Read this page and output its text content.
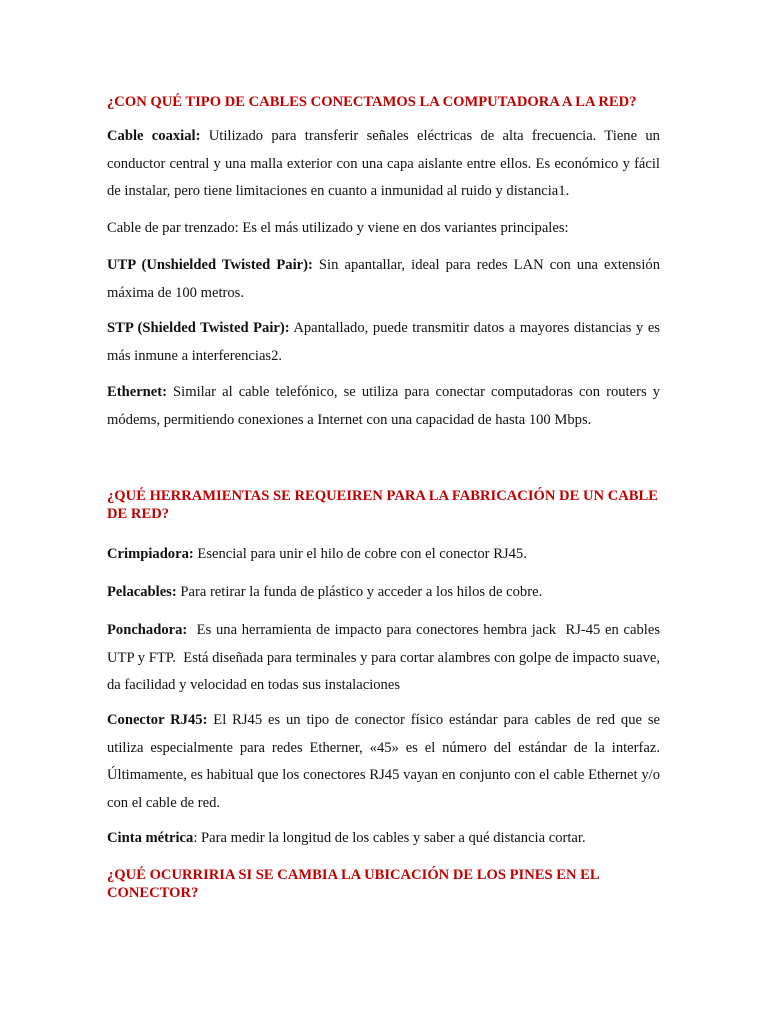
¿CON QUÉ TIPO DE CABLES CONECTAMOS LA COMPUTADORA A LA RED?

Cable coaxial: Utilizado para transferir señales eléctricas de alta frecuencia. Tiene un conductor central y una malla exterior con una capa aislante entre ellos. Es económico y fácil de instalar, pero tiene limitaciones en cuanto a inmunidad al ruido y distancia1.

Cable de par trenzado: Es el más utilizado y viene en dos variantes principales:

UTP (Unshielded Twisted Pair): Sin apantallar, ideal para redes LAN con una extensión máxima de 100 metros.

STP (Shielded Twisted Pair): Apantallado, puede transmitir datos a mayores distancias y es más inmune a interferencias2.

Ethernet: Similar al cable telefónico, se utiliza para conectar computadoras con routers y módems, permitiendo conexiones a Internet con una capacidad de hasta 100 Mbps.

¿QUÉ HERRAMIENTAS SE REQUEIREN PARA LA FABRICACIÓN DE UN CABLE DE RED?

Crimpiadora: Esencial para unir el hilo de cobre con el conector RJ45.

Pelacables: Para retirar la funda de plástico y acceder a los hilos de cobre.

Ponchadora:  Es una herramienta de impacto para conectores hembra jack  RJ-45 en cables UTP y FTP.  Está diseñada para terminales y para cortar alambres con golpe de impacto suave, da facilidad y velocidad en todas sus instalaciones

Conector RJ45: El RJ45 es un tipo de conector físico estándar para cables de red que se utiliza especialmente para redes Etherner, «45» es el número del estándar de la interfaz. Últimamente, es habitual que los conectores RJ45 vayan en conjunto con el cable Ethernet y/o con el cable de red.

Cinta métrica: Para medir la longitud de los cables y saber a qué distancia cortar.

¿QUÉ OCURRIRIA SI SE CAMBIA LA UBICACIÓN DE LOS PINES EN EL CONECTOR?
